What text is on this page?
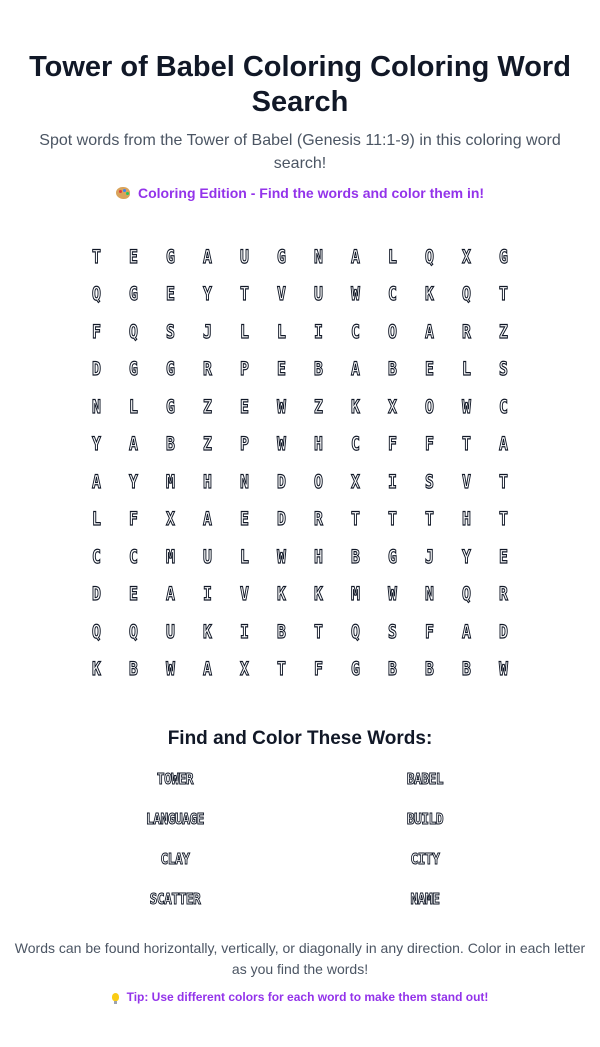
Tower of Babel Coloring Coloring Word Search
Spot words from the Tower of Babel (Genesis 11:1-9) in this coloring word search!
Coloring Edition - Find the words and color them in!
T	E	G	A	U	G	N	A	L	Q	X	G
Q	G	E	Y	T	V	U	W	C	K	Q	T
F	Q	S	J	L	L	I	C	O	A	R	Z
D	G	G	R	P	E	B	A	B	E	L	S
N	L	G	Z	E	W	Z	K	X	O	W	C
Y	A	B	Z	P	W	H	C	F	F	T	A
A	Y	M	H	N	D	O	X	I	S	V	T
L	F	X	A	E	D	R	T	T	T	H	T
C	C	M	U	L	W	H	B	G	J	Y	E
D	E	A	I	V	K	K	M	W	N	Q	R
Q	Q	U	K	I	B	T	Q	S	F	A	D
K	B	W	A	X	T	F	G	B	B	B	W
Find and Color These Words:
TOWER	BABEL
LANGUAGE	BUILD
CLAY	CITY
SCATTER	NAME
Words can be found horizontally, vertically, or diagonally in any direction. Color in each letter as you find the words!
Tip: Use different colors for each word to make them stand out!
